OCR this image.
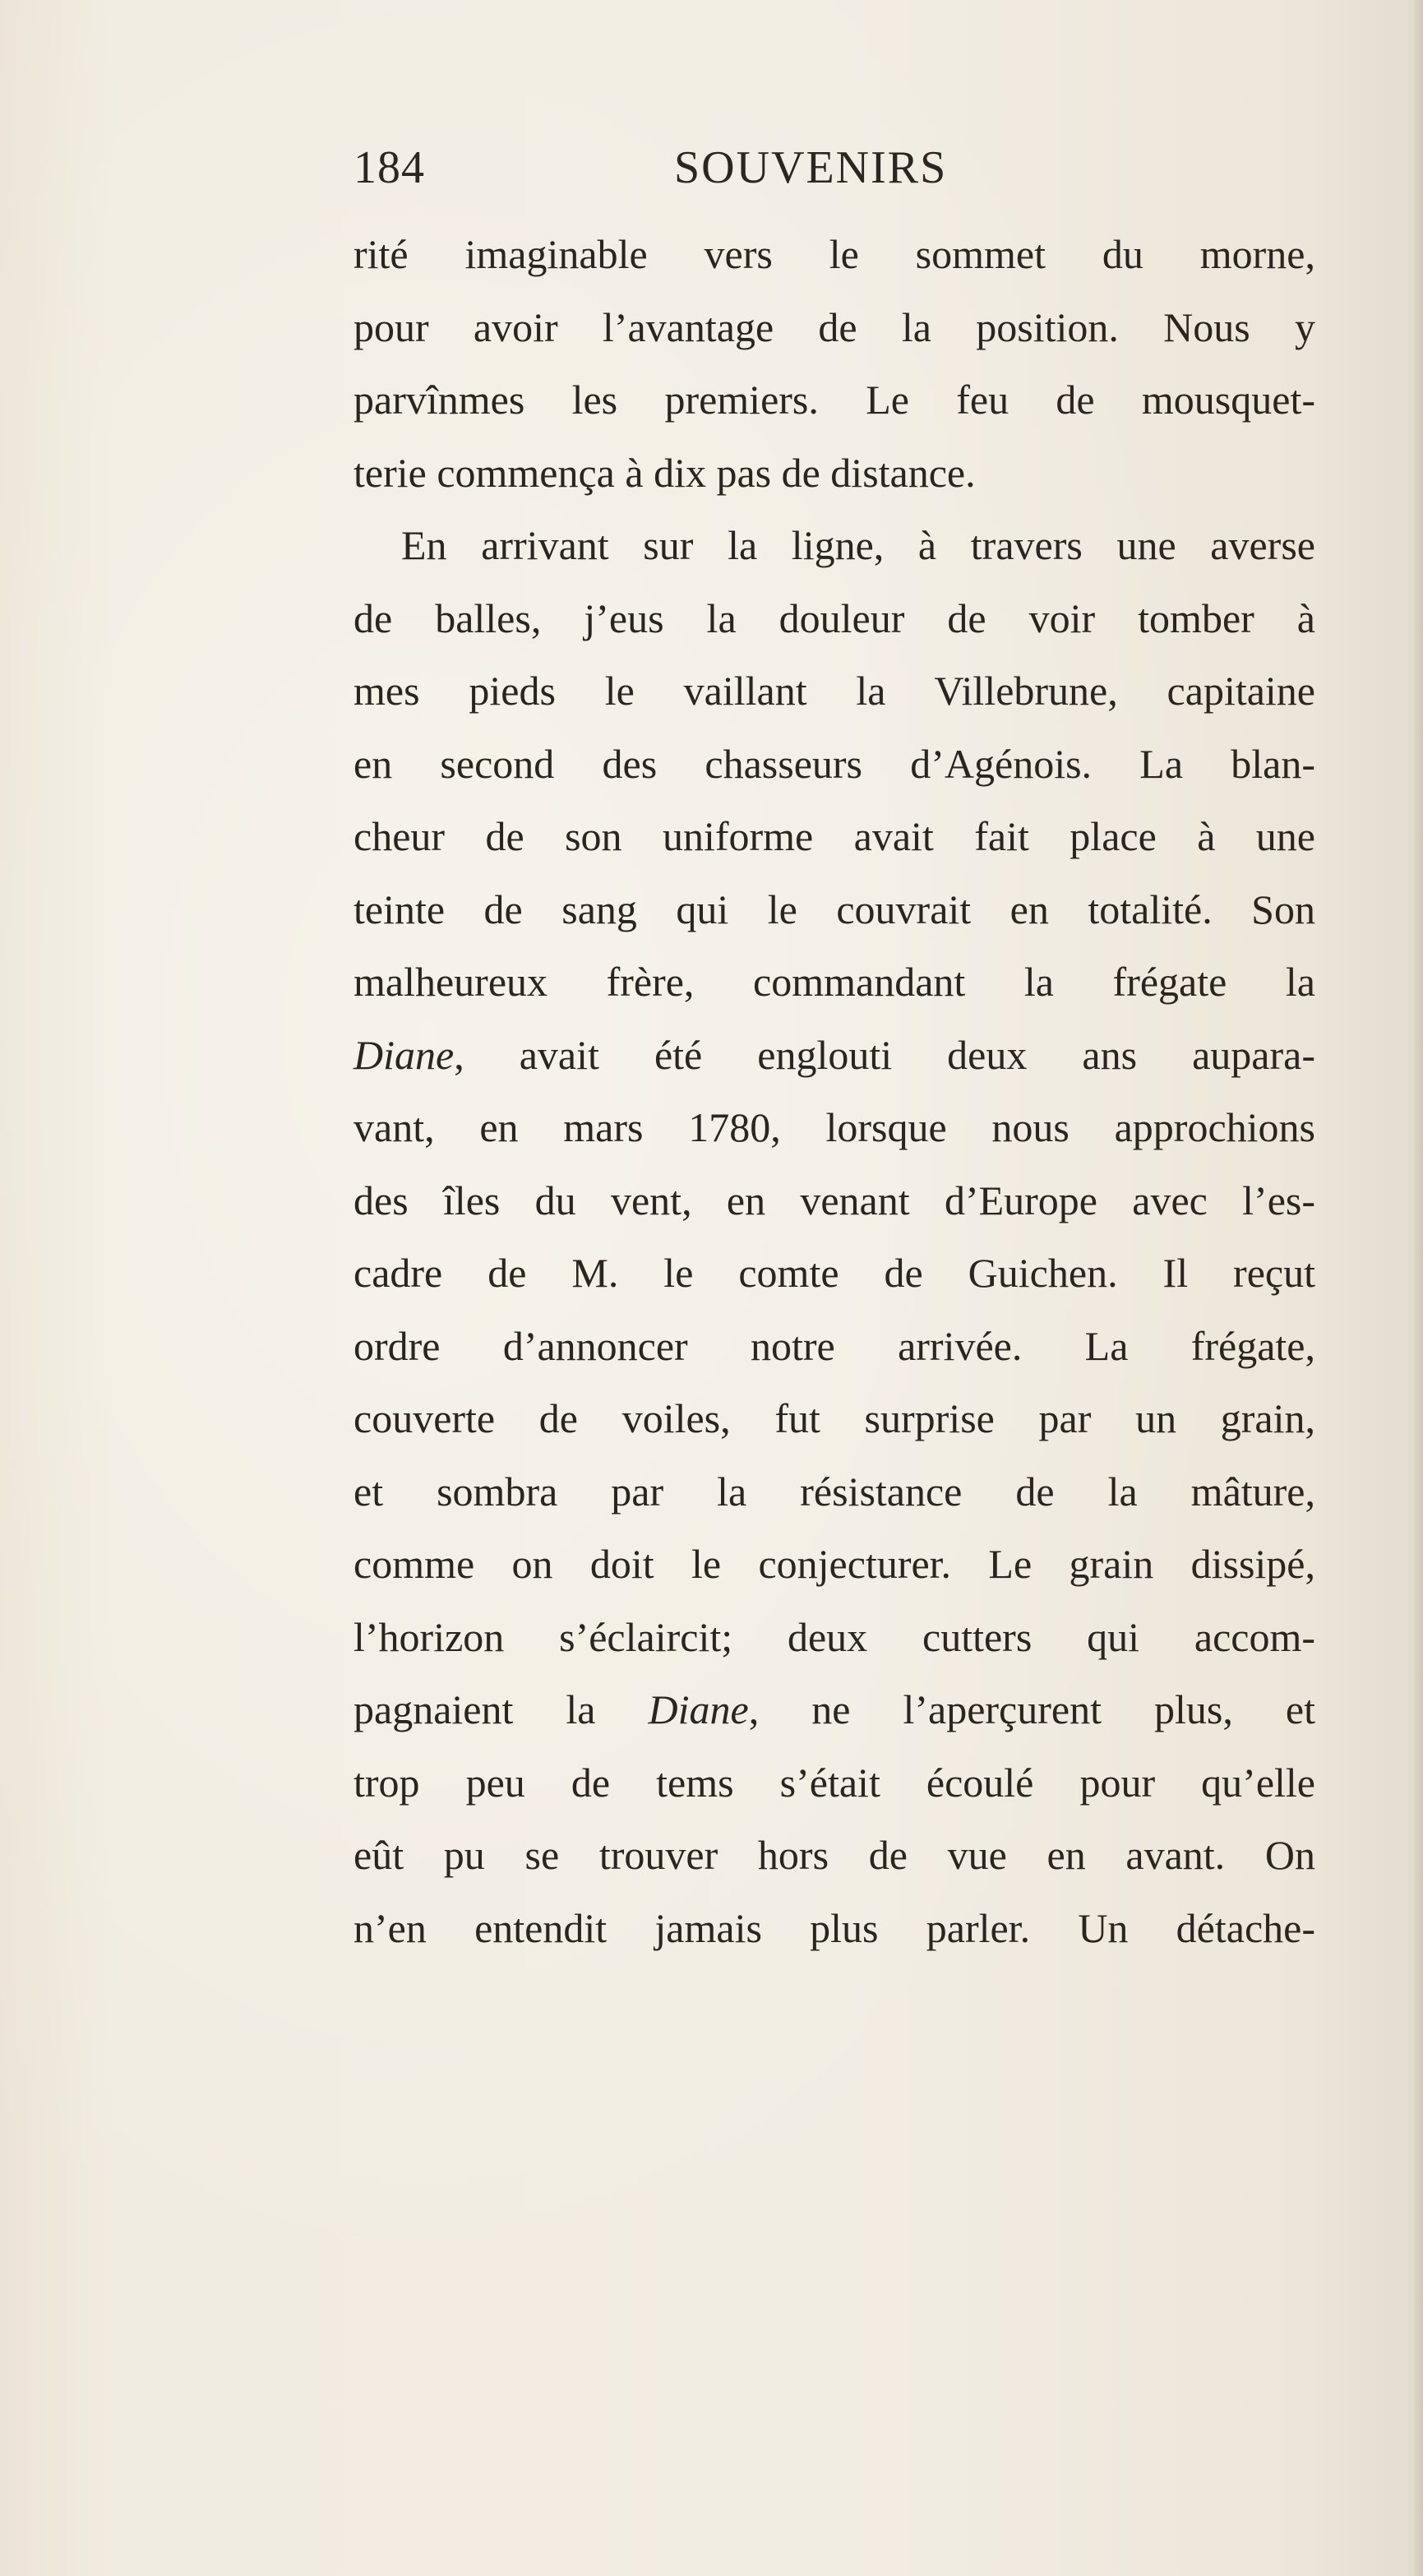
184	SOUVENIRS
rité imaginable vers le sommet du morne,
pour avoir l’avantage de la position. Nous y
parvînmes les premiers. Le feu de mousquet-
terie commença à dix pas de distance.
En arrivant sur la ligne, à travers une averse
de balles, j’eus la douleur de voir tomber à
mes pieds le vaillant la Villebrune, capitaine
en second des chasseurs d’Agénois. La blan-
cheur de son uniforme avait fait place à une
teinte de sang qui le couvrait en totalité. Son
malheureux frère, commandant la frégate la
Diane, avait été englouti deux ans aupara-
vant, en mars 1780, lorsque nous approchions
des îles du vent, en venant d’Europe avec l’es-
cadre de M. le comte de Guichen. Il reçut
ordre d’annoncer notre arrivée. La frégate,
couverte de voiles, fut surprise par un grain,
et sombra par la résistance de la mâture,
comme on doit le conjecturer. Le grain dissipé,
l’horizon s’éclaircit; deux cutters qui accom-
pagnaient la Diane, ne l’aperçurent plus, et
trop peu de tems s’était écoulé pour qu’elle
eût pu se trouver hors de vue en avant. On
n’en entendit jamais plus parler. Un détache-
